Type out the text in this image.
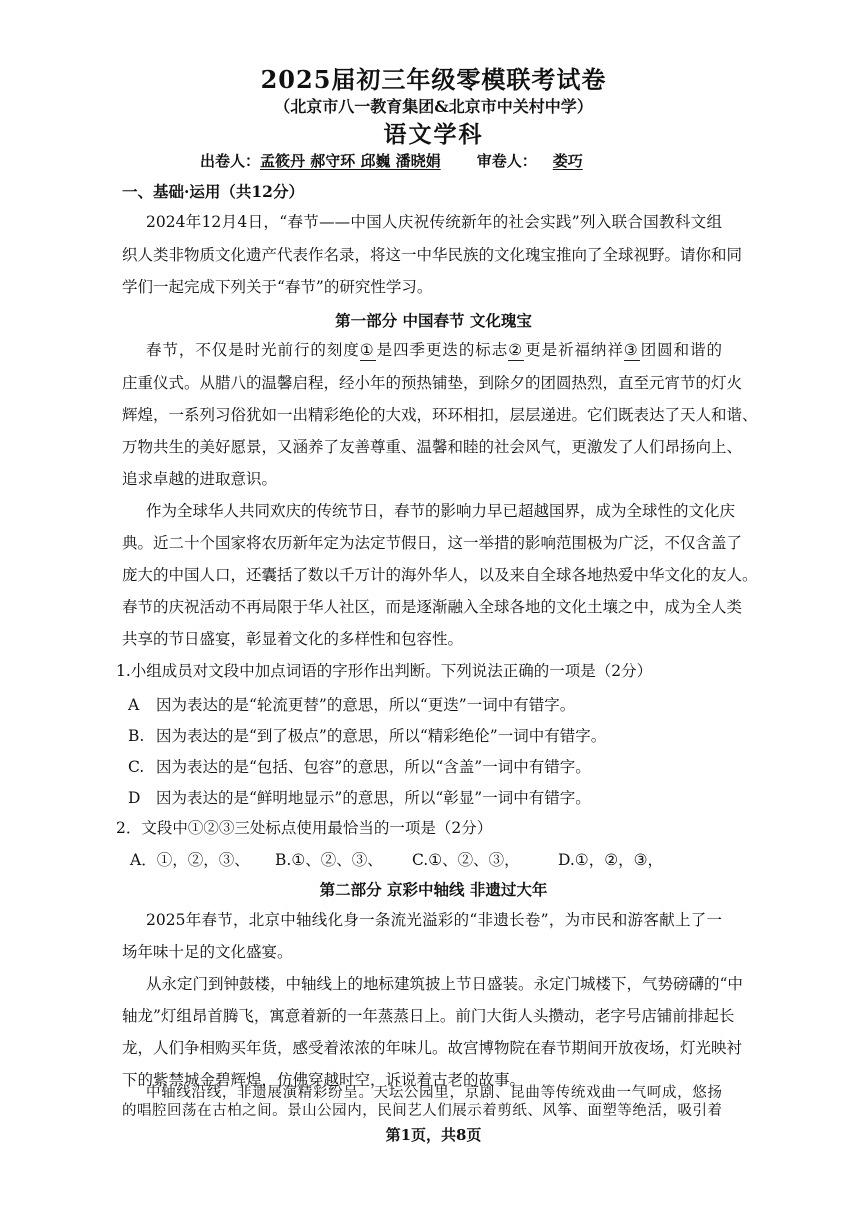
2025届初三年级零模联考试卷
（北京市八一教育集团&北京市中关村中学）
语文学科
出卷人：孟筱丹 郝守环 邱巍 潘晓娟 审卷人： 娄巧
一、基础·运用（共12分）
2024年12月4日，“春节——中国人庆祝传统新年的社会实践”列入联合国教科文组
织人类非物质文化遗产代表作名录，将这一中华民族的文化瑰宝推向了全球视野。请你和同
学们一起完成下列关于“春节”的研究性学习。
第一部分 中国春节 文化瑰宝
春节，不仅是时光前行的刻度① 是四季更迭的标志② 更是祈福纳祥③ 团圆和谐的
庄重仪式。从腊八的温馨启程，经小年的预热铺垫，到除夕的团圆热烈，直至元宵节的灯火
辉煌，一系列习俗犹如一出精彩绝伦的大戏，环环相扣，层层递进。它们既表达了天人和谐、
万物共生的美好愿景，又涵养了友善尊重、温馨和睦的社会风气，更激发了人们昂扬向上、
追求卓越的进取意识。
作为全球华人共同欢庆的传统节日，春节的影响力早已超越国界，成为全球性的文化庆
典。近二十个国家将农历新年定为法定节假日，这一举措的影响范围极为广泛，不仅含盖了
庞大的中国人口，还囊括了数以千万计的海外华人，以及来自全球各地热爱中华文化的友人。
春节的庆祝活动不再局限于华人社区，而是逐渐融入全球各地的文化土壤之中，成为全人类
共享的节日盛宴，彰显着文化的多样性和包容性。
1.小组成员对文段中加点词语的字形作出判断。下列说法正确的一项是（2分）
A 因为表达的是“轮流更替”的意思，所以“更迭”一词中有错字。
B. 因为表达的是“到了极点”的意思，所以“精彩绝伦”一词中有错字。
C. 因为表达的是“包括、包容”的意思，所以“含盖”一词中有错字。
D 因为表达的是“鲜明地显示”的意思，所以“彰显”一词中有错字。
2．文段中①②③三处标点使用最恰当的一项是（2分）
A．①，②，③、 B.①、②、③、 C.①、②、③， D.①，②，③，
第二部分 京彩中轴线 非遗过大年
2025年春节，北京中轴线化身一条流光溢彩的“非遗长卷”，为市民和游客献上了一
场年味十足的文化盛宴。
从永定门到钟鼓楼，中轴线上的地标建筑披上节日盛装。永定门城楼下，气势磅礴的“中
轴龙”灯组昂首腾飞，寓意着新的一年蒸蒸日上。前门大街人头攒动，老字号店铺前排起长
龙，人们争相购买年货，感受着浓浓的年味儿。故宫博物院在春节期间开放夜场，灯光映衬
下的紫禁城金碧辉煌，仿佛穿越时空，诉说着古老的故事。
中轴线沿线，非遗展演精彩纷呈。天坛公园里，京剧、昆曲等传统戏曲一气呵成，悠扬
的唱腔回荡在古柏之间。景山公园内，民间艺人们展示着剪纸、风筝、面塑等绝活，吸引着
第1页，共8页
